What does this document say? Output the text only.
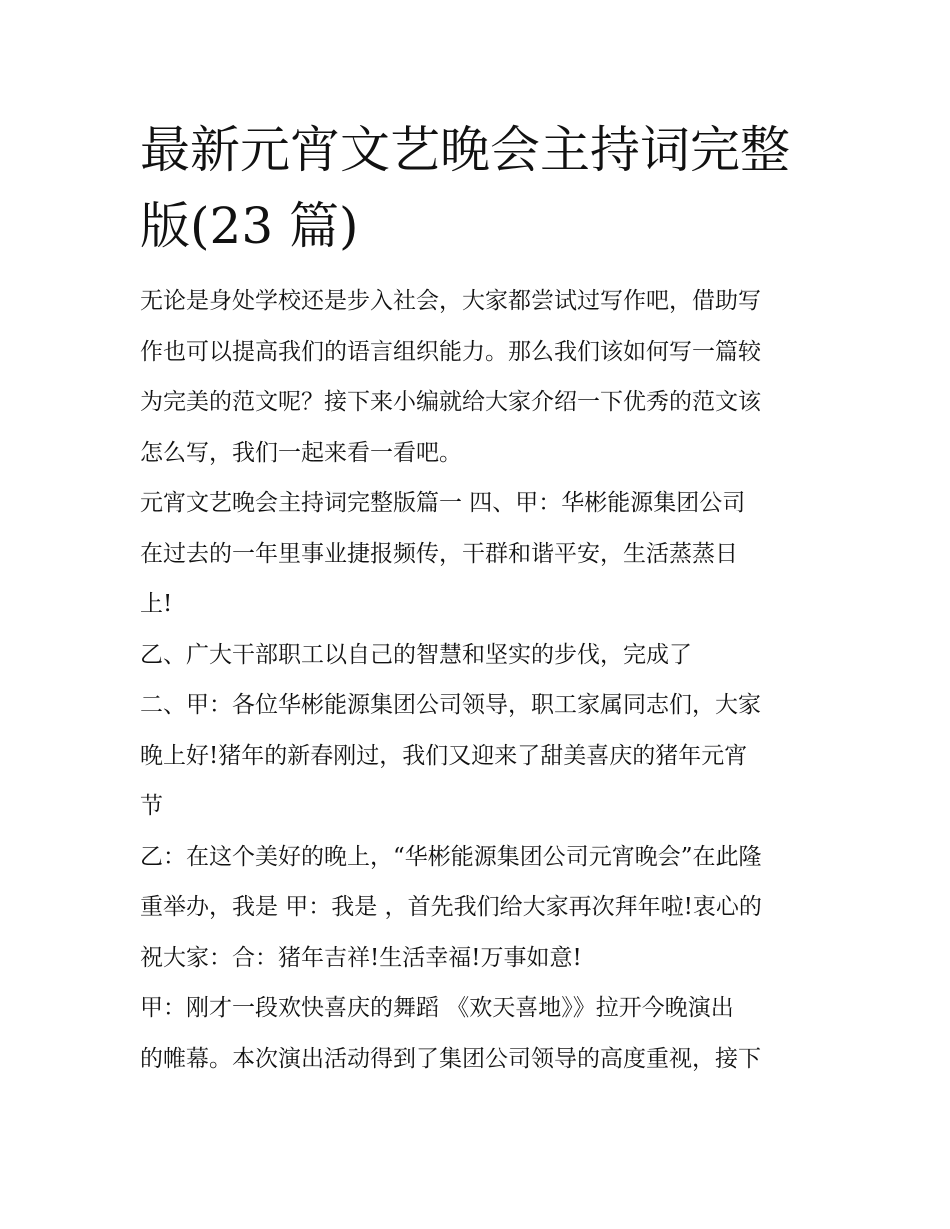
最新元宵文艺晚会主持词完整
版(23 篇)
无论是身处学校还是步入社会，大家都尝试过写作吧，借助写
作也可以提高我们的语言组织能力。那么我们该如何写一篇较
为完美的范文呢？接下来小编就给大家介绍一下优秀的范文该
怎么写，我们一起来看一看吧。
元宵文艺晚会主持词完整版篇一 四、甲：华彬能源集团公司
在过去的一年里事业捷报频传，干群和谐平安，生活蒸蒸日
上!
乙、广大干部职工以自己的智慧和坚实的步伐，完成了
二、甲：各位华彬能源集团公司领导，职工家属同志们，大家
晚上好!猪年的新春刚过，我们又迎来了甜美喜庆的猪年元宵
节
乙：在这个美好的晚上，“华彬能源集团公司元宵晚会”在此隆
重举办，我是 甲：我是 ，首先我们给大家再次拜年啦!衷心的
祝大家：合：猪年吉祥!生活幸福!万事如意!
甲：刚才一段欢快喜庆的舞蹈 《欢天喜地》》拉开今晚演出
的帷幕。本次演出活动得到了集团公司领导的高度重视，接下
